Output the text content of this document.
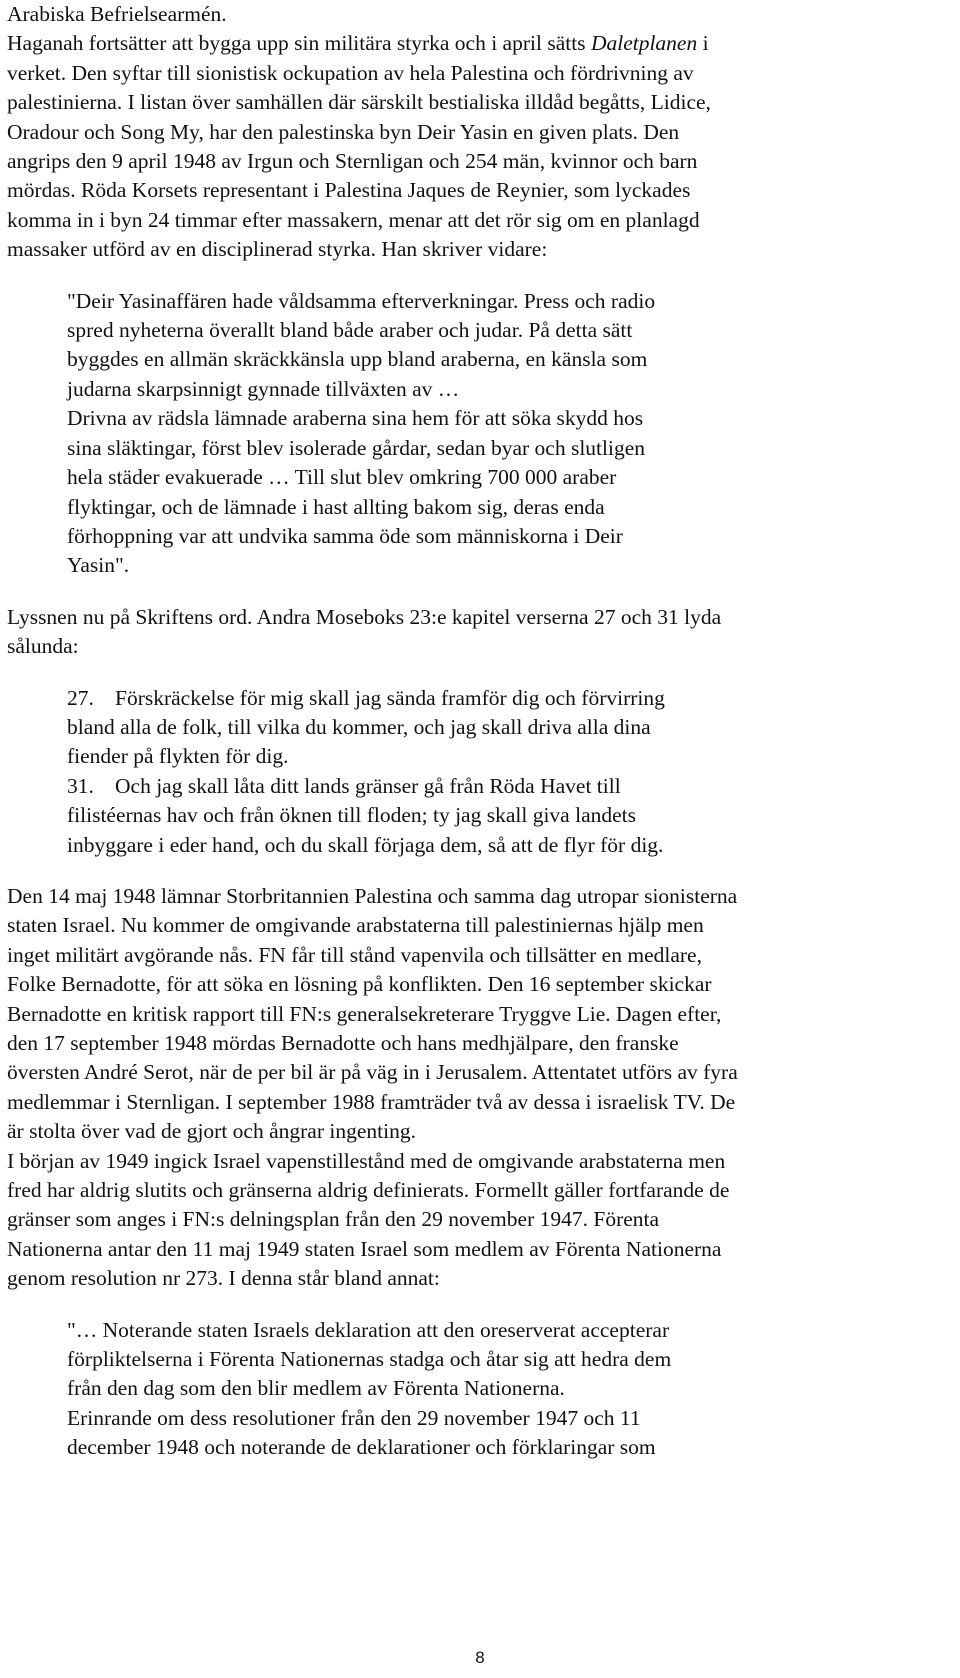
Arabiska Befrielsearmén.

Haganah fortsätter att bygga upp sin militära styrka och i april sätts Daletplanen i

verket. Den syftar till sionistisk ockupation av hela Palestina och fördrivning av

palestinierna. I listan över samhällen där särskilt bestialiska illdåd begåtts, Lidice,

Oradour och Song My, har den palestinska byn Deir Yasin en given plats. Den

angrips den 9 april 1948 av Irgun och Sternligan och 254 män, kvinnor och barn

mördas. Röda Korsets representant i Palestina Jaques de Reynier, som lyckades

komma in i byn 24 timmar efter massakern, menar att det rör sig om en planlagd

massaker utförd av en disciplinerad styrka. Han skriver vidare:

"Deir Yasinaffären hade våldsamma efterverkningar. Press och radio

spred nyheterna överallt bland både araber och judar. På detta sätt

byggdes en allmän skräckkänsla upp bland araberna, en känsla som

judarna skarpsinnigt gynnade tillväxten av …

Drivna av rädsla lämnade araberna sina hem för att söka skydd hos

sina släktingar, först blev isolerade gårdar, sedan byar och slutligen

hela städer evakuerade … Till slut blev omkring 700 000 araber

flyktingar, och de lämnade i hast allting bakom sig, deras enda

förhoppning var att undvika samma öde som människorna i Deir

Yasin".

Lyssnen nu på Skriftens ord. Andra Moseboks 23:e kapitel verserna 27 och 31 lyda

sålunda:

27. Förskräckelse för mig skall jag sända framför dig och förvirring

bland alla de folk, till vilka du kommer, och jag skall driva alla dina

fiender på flykten för dig.

31. Och jag skall låta ditt lands gränser gå från Röda Havet till

filistéernas hav och från öknen till floden; ty jag skall giva landets

inbyggare i eder hand, och du skall förjaga dem, så att de flyr för dig.

Den 14 maj 1948 lämnar Storbritannien Palestina och samma dag utropar sionisterna

staten Israel. Nu kommer de omgivande arabstaterna till palestiniernas hjälp men

inget militärt avgörande nås. FN får till stånd vapenvila och tillsätter en medlare,

Folke Bernadotte, för att söka en lösning på konflikten. Den 16 september skickar

Bernadotte en kritisk rapport till FN:s generalsekreterare Tryggve Lie. Dagen efter,

den 17 september 1948 mördas Bernadotte och hans medhjälpare, den franske

översten André Serot, när de per bil är på väg in i Jerusalem. Attentatet utförs av fyra

medlemmar i Sternligan. I september 1988 framträder två av dessa i israelisk TV. De

är stolta över vad de gjort och ångrar ingenting.

I början av 1949 ingick Israel vapenstillestånd med de omgivande arabstaterna men

fred har aldrig slutits och gränserna aldrig definierats. Formellt gäller fortfarande de

gränser som anges i FN:s delningsplan från den 29 november 1947. Förenta

Nationerna antar den 11 maj 1949 staten Israel som medlem av Förenta Nationerna

genom resolution nr 273. I denna står bland annat:

"… Noterande staten Israels deklaration att den oreserverat accepterar

förpliktelserna i Förenta Nationernas stadga och åtar sig att hedra dem

från den dag som den blir medlem av Förenta Nationerna.

Erinrande om dess resolutioner från den 29 november 1947 och 11

december 1948 och noterande de deklarationer och förklaringar som

8
